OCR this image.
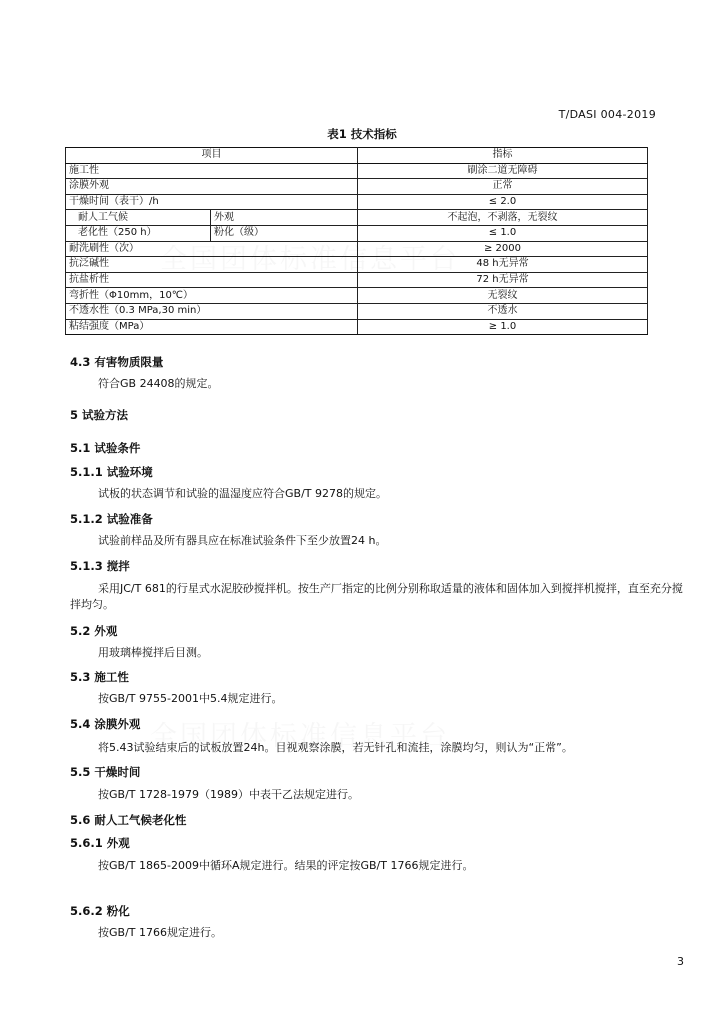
T/DASI 004-2019
表1 技术指标
项目		指标
施工性		刷涂二道无障碍
涂膜外观		正常
干燥时间（表干）/h		≤ 2.0
耐人工气候	外观	不起泡，不剥落，无裂纹
老化性（250 h）	粉化（级）	≤ 1.0
耐洗刷性（次）		≥ 2000
抗泛碱性		48 h无异常
抗盐析性		72 h无异常
弯折性（Φ10mm，10℃）		无裂纹
不透水性（0.3 MPa,30 min）		不透水
粘结强度（MPa）		≥ 1.0
4.3 有害物质限量
符合GB 24408的规定。
5 试验方法
5.1 试验条件
5.1.1 试验环境
试板的状态调节和试验的温湿度应符合GB/T 9278的规定。
5.1.2 试验准备
试验前样品及所有器具应在标准试验条件下至少放置24 h。
5.1.3 搅拌
采用JC/T 681的行星式水泥胶砂搅拌机。按生产厂指定的比例分别称取适量的液体和固体加入到搅拌机搅拌，直至充分搅拌均匀。
5.2 外观
用玻璃棒搅拌后目测。
5.3 施工性
按GB/T 9755-2001中5.4规定进行。
5.4 涂膜外观
将5.43试验结束后的试板放置24h。目视观察涂膜，若无针孔和流挂，涂膜均匀，则认为“正常”。
5.5 干燥时间
按GB/T 1728-1979（1989）中表干乙法规定进行。
5.6 耐人工气候老化性
5.6.1 外观
按GB/T 1865-2009中循环A规定进行。结果的评定按GB/T 1766规定进行。
5.6.2 粉化
按GB/T 1766规定进行。
3
